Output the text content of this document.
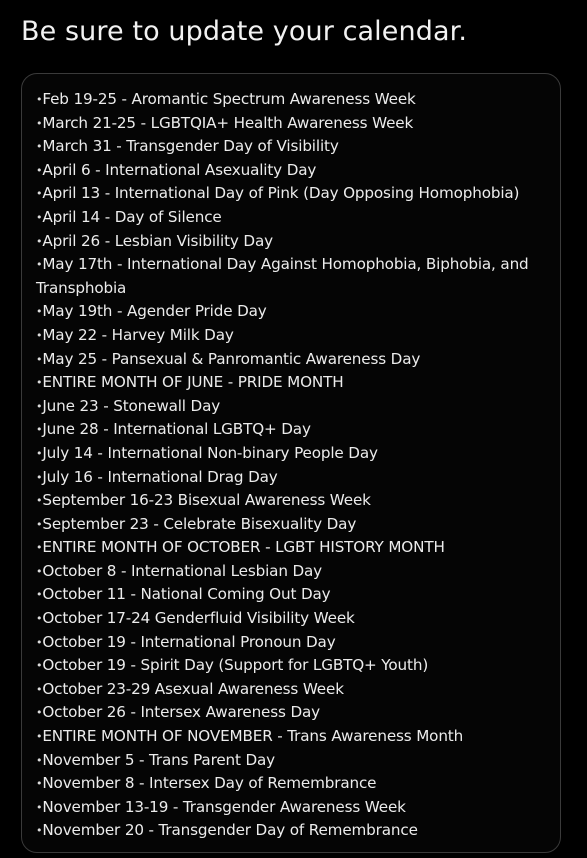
Be sure to update your calendar.
•Feb 19-25 - Aromantic Spectrum Awareness Week
•March 21-25 - LGBTQIA+ Health Awareness Week
•March 31 - Transgender Day of Visibility
•April 6 - International Asexuality Day
•April 13 - International Day of Pink (Day Opposing Homophobia)
•April 14 - Day of Silence
•April 26 - Lesbian Visibility Day
•May 17th - International Day Against Homophobia, Biphobia, and Transphobia
•May 19th - Agender Pride Day
•May 22 - Harvey Milk Day
•May 25 - Pansexual & Panromantic Awareness Day
•ENTIRE MONTH OF JUNE - PRIDE MONTH
•June 23 - Stonewall Day
•June 28 - International LGBTQ+ Day
•July 14 - International Non-binary People Day
•July 16 - International Drag Day
•September 16-23 Bisexual Awareness Week
•September 23 - Celebrate Bisexuality Day
•ENTIRE MONTH OF OCTOBER - LGBT HISTORY MONTH
•October 8 - International Lesbian Day
•October 11 - National Coming Out Day
•October 17-24 Genderfluid Visibility Week
•October 19 - International Pronoun Day
•October 19 - Spirit Day (Support for LGBTQ+ Youth)
•October 23-29 Asexual Awareness Week
•October 26 - Intersex Awareness Day
•ENTIRE MONTH OF NOVEMBER - Trans Awareness Month
•November 5 - Trans Parent Day
•November 8 - Intersex Day of Remembrance
•November 13-19 - Transgender Awareness Week
•November 20 - Transgender Day of Remembrance
